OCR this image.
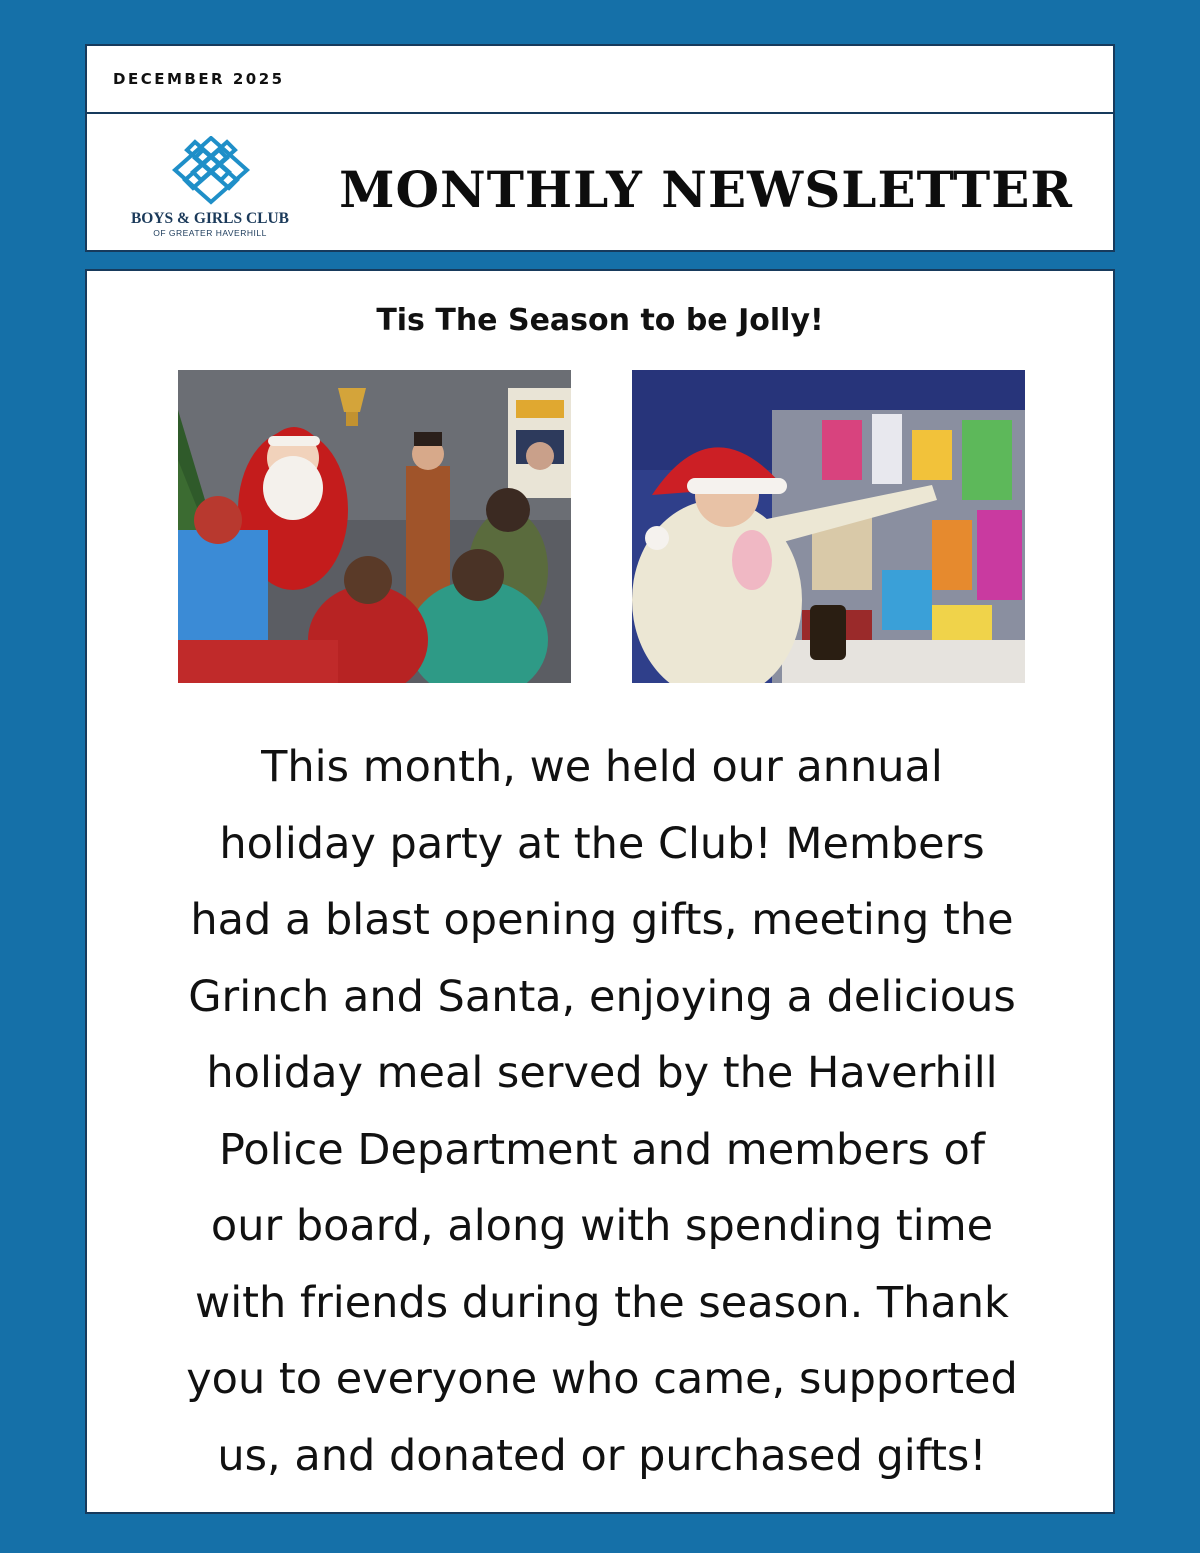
DECEMBER 2025
BOYS & GIRLS CLUB
OF GREATER HAVERHILL
MONTHLY NEWSLETTER
Tis The Season to be Jolly!
This month, we held our annual
holiday party at the Club! Members
had a blast opening gifts, meeting the
Grinch and Santa, enjoying a delicious
holiday meal served by the Haverhill
Police Department and members of
our board, along with spending time
with friends during the season. Thank
you to everyone who came, supported
us, and donated or purchased gifts!
